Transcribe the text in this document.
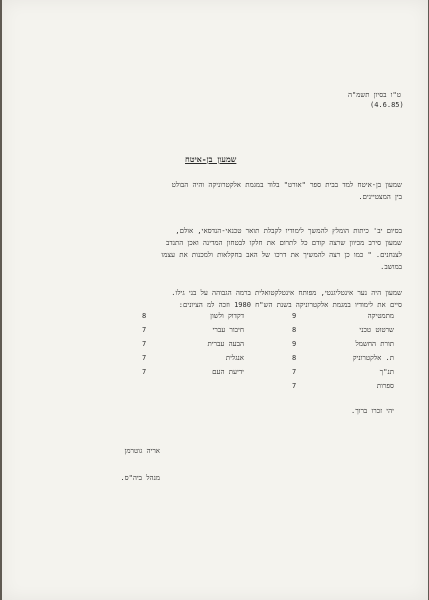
ט"ו בסיון תשמ"ה
(4.6.85)
שמעון בן-איטח
שמעון בן-איטח למד בבית ספר "אורט" בלוד במגמת אלקטרוניקה והיה הבולט
בין המצטיינים.
בסיום יב' כיתות הומלץ להמשך לימודיו לקבלת תואר טכנאי-הנדסאי, אולם,
שמעון סירב מכיוון שרצה קודם כל לתרום את חלקו לבטחון המדינה ואכן התנדב
לצנחנים. " כמו כן רצה להמשיך את דרכו של האב בחקלאות ולמכנות את עצמו
במושב.
שמעון היה נער אינטליגנטי, מפותח אינטלקטואלית ברמה הגבוהה על בני גילו.
סיים את לימודיו במגמת אלקטרוניקה בשנת הש"ח 1980 וזכה למ הציונים:
מתמטיקה
9
שרטוט טכני
8
תורת החשמל
9
ת. אלקטרוניק
8
תנ"ך
7
ספרות
7
דקדוק ולשון
8
חיבור עברי
7
הבעה עברית
7
אנגלית
7
ידיעת העם
7
יהי זכרו ברוך.
אריה גוטרמן
מנהל ביה"ס.
